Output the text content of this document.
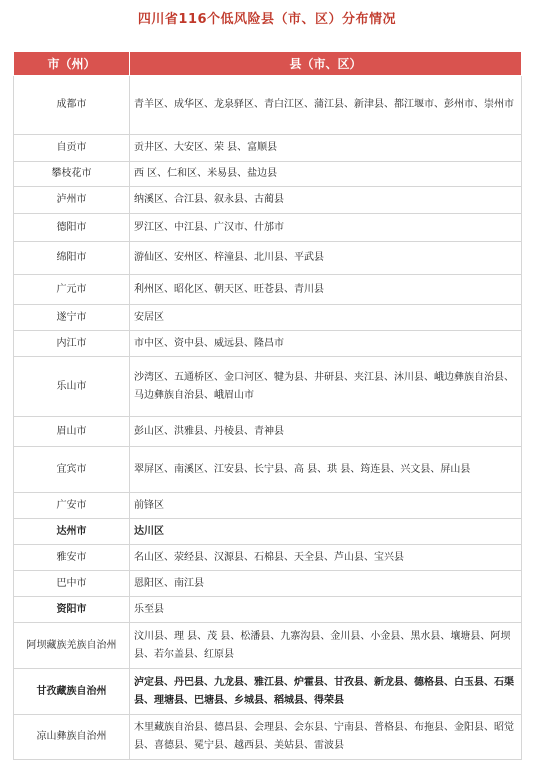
四川省116个低风险县（市、区）分布情况
市（州）	县（市、区）
成都市	青羊区、成华区、龙泉驿区、青白江区、蒲江县、新津县、都江堰市、彭州市、崇州市
自贡市	贡井区、大安区、荣 县、富顺县
攀枝花市	西 区、仁和区、米易县、盐边县
泸州市	纳溪区、合江县、叙永县、古蔺县
德阳市	罗江区、中江县、广汉市、什邡市
绵阳市	游仙区、安州区、梓潼县、北川县、平武县
广元市	利州区、昭化区、朝天区、旺苍县、青川县
遂宁市	安居区
内江市	市中区、资中县、威远县、隆昌市
乐山市	沙湾区、五通桥区、金口河区、犍为县、井研县、夹江县、沐川县、峨边彝族自治县、马边彝族自治县、峨眉山市
眉山市	彭山区、洪雅县、丹棱县、青神县
宜宾市	翠屏区、南溪区、江安县、长宁县、高 县、珙 县、筠连县、兴文县、屏山县
广安市	前锋区
达州市	达川区
雅安市	名山区、荥经县、汉源县、石棉县、天全县、芦山县、宝兴县
巴中市	恩阳区、南江县
资阳市	乐至县
阿坝藏族羌族自治州	汶川县、理 县、茂 县、松潘县、九寨沟县、金川县、小金县、黑水县、壤塘县、阿坝县、若尔盖县、红原县
甘孜藏族自治州	泸定县、丹巴县、九龙县、雅江县、炉霍县、甘孜县、新龙县、德格县、白玉县、石渠县、理塘县、巴塘县、乡城县、稻城县、得荣县
凉山彝族自治州	木里藏族自治县、德昌县、会理县、会东县、宁南县、普格县、布拖县、金阳县、昭觉县、喜德县、冕宁县、越西县、美姑县、雷波县
